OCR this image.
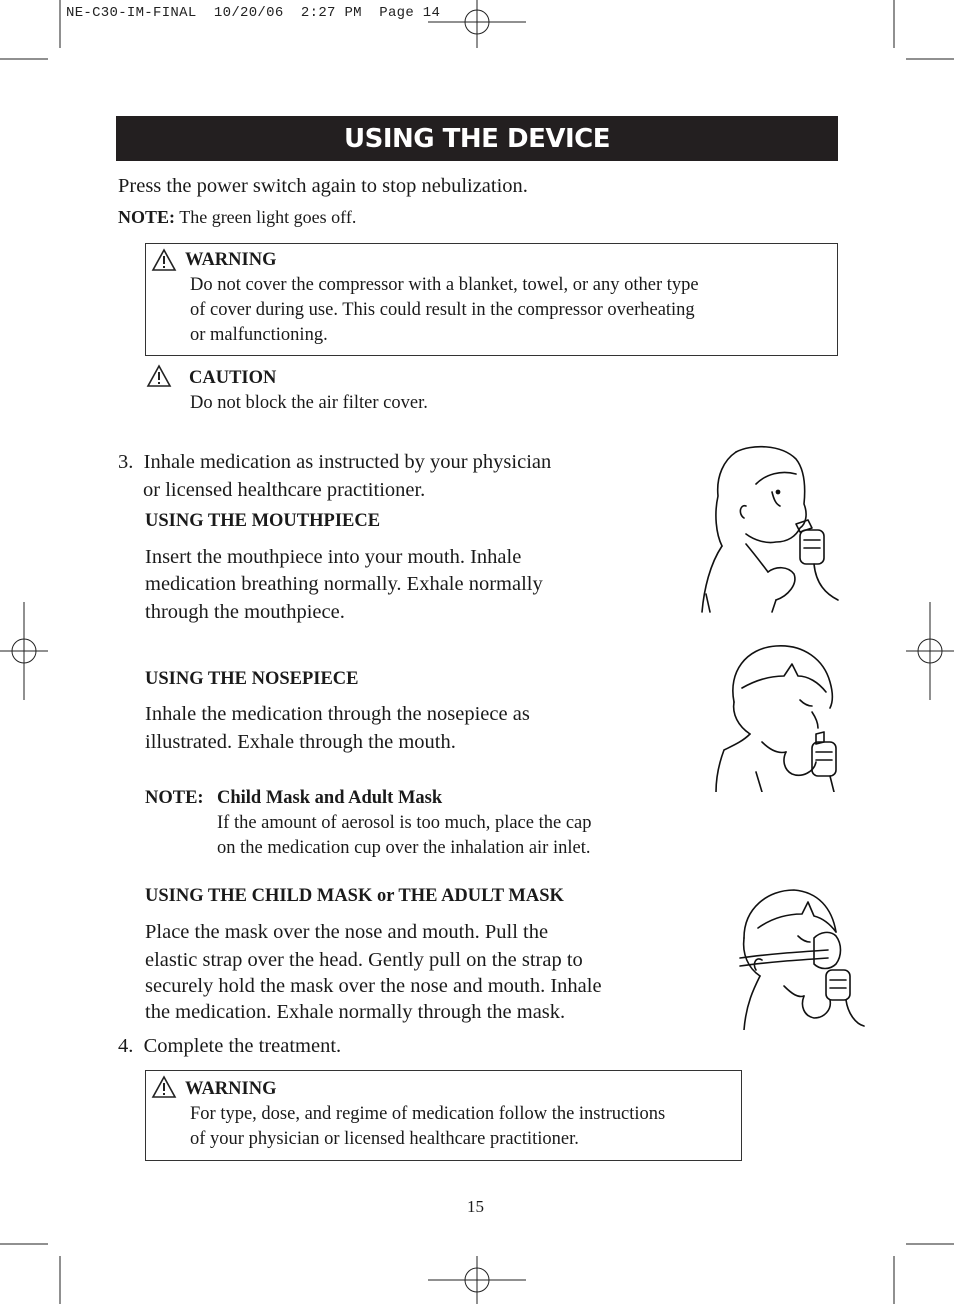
NE-C30-IM-FINAL  10/20/06  2:27 PM  Page 14
USING THE DEVICE
Press the power switch again to stop nebulization.
NOTE: The green light goes off.
WARNING
Do not cover the compressor with a blanket, towel, or any other type
of cover during use. This could result in the compressor overheating
or malfunctioning.
CAUTION
Do not block the air filter cover.
3.  Inhale medication as instructed by your physician
or licensed healthcare practitioner.
USING THE MOUTHPIECE
Insert the mouthpiece into your mouth. Inhale
medication breathing normally. Exhale normally
through the mouthpiece.
USING THE NOSEPIECE
Inhale the medication through the nosepiece as
illustrated. Exhale through the mouth.
NOTE: Child Mask and Adult Mask
If the amount of aerosol is too much, place the cap
on the medication cup over the inhalation air inlet.
USING THE CHILD MASK or THE ADULT MASK
Place the mask over the nose and mouth. Pull the
elastic strap over the head. Gently pull on the strap to
securely hold the mask over the nose and mouth. Inhale
the medication. Exhale normally through the mask.
4.  Complete the treatment.
WARNING
For type, dose, and regime of medication follow the instructions
of your physician or licensed healthcare practitioner.
15
